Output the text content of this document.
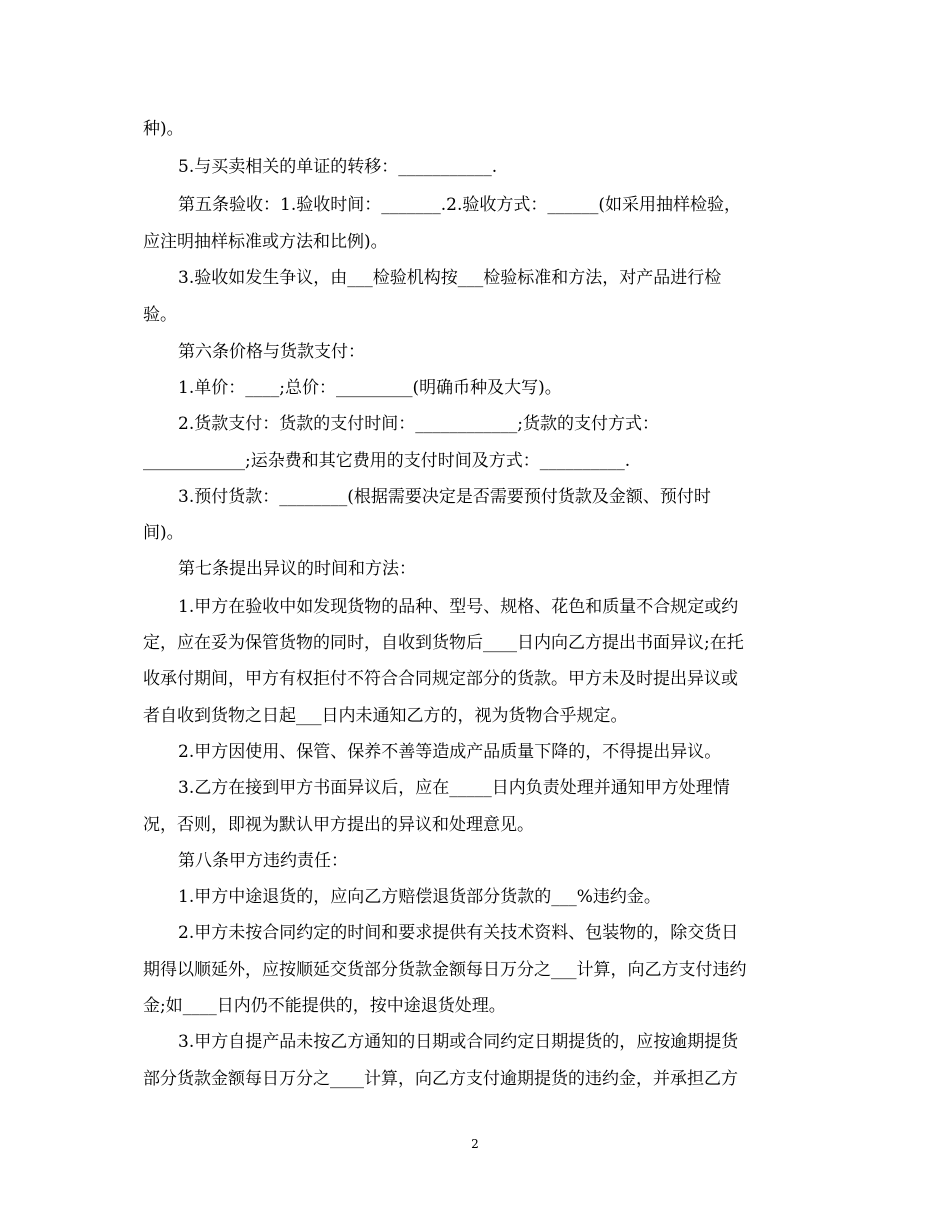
种)。
5.与买卖相关的单证的转移：___________.
第五条验收：1.验收时间：_______.2.验收方式：______(如采用抽样检验，
应注明抽样标准或方法和比例)。
3.验收如发生争议，由___检验机构按___检验标准和方法，对产品进行检
验。
第六条价格与货款支付：
1.单价：____;总价：_________(明确币种及大写)。
2.货款支付：货款的支付时间：____________;货款的支付方式：
____________;运杂费和其它费用的支付时间及方式：__________.
3.预付货款：________(根据需要决定是否需要预付货款及金额、预付时
间)。
第七条提出异议的时间和方法：
1.甲方在验收中如发现货物的品种、型号、规格、花色和质量不合规定或约
定，应在妥为保管货物的同时，自收到货物后____日内向乙方提出书面异议;在托
收承付期间，甲方有权拒付不符合合同规定部分的货款。甲方未及时提出异议或
者自收到货物之日起___日内未通知乙方的，视为货物合乎规定。
2.甲方因使用、保管、保养不善等造成产品质量下降的，不得提出异议。
3.乙方在接到甲方书面异议后，应在_____日内负责处理并通知甲方处理情
况，否则，即视为默认甲方提出的异议和处理意见。
第八条甲方违约责任：
1.甲方中途退货的，应向乙方赔偿退货部分货款的___%违约金。
2.甲方未按合同约定的时间和要求提供有关技术资料、包装物的，除交货日
期得以顺延外，应按顺延交货部分货款金额每日万分之___计算，向乙方支付违约
金;如____日内仍不能提供的，按中途退货处理。
3.甲方自提产品未按乙方通知的日期或合同约定日期提货的，应按逾期提货
部分货款金额每日万分之____计算，向乙方支付逾期提货的违约金，并承担乙方
2
